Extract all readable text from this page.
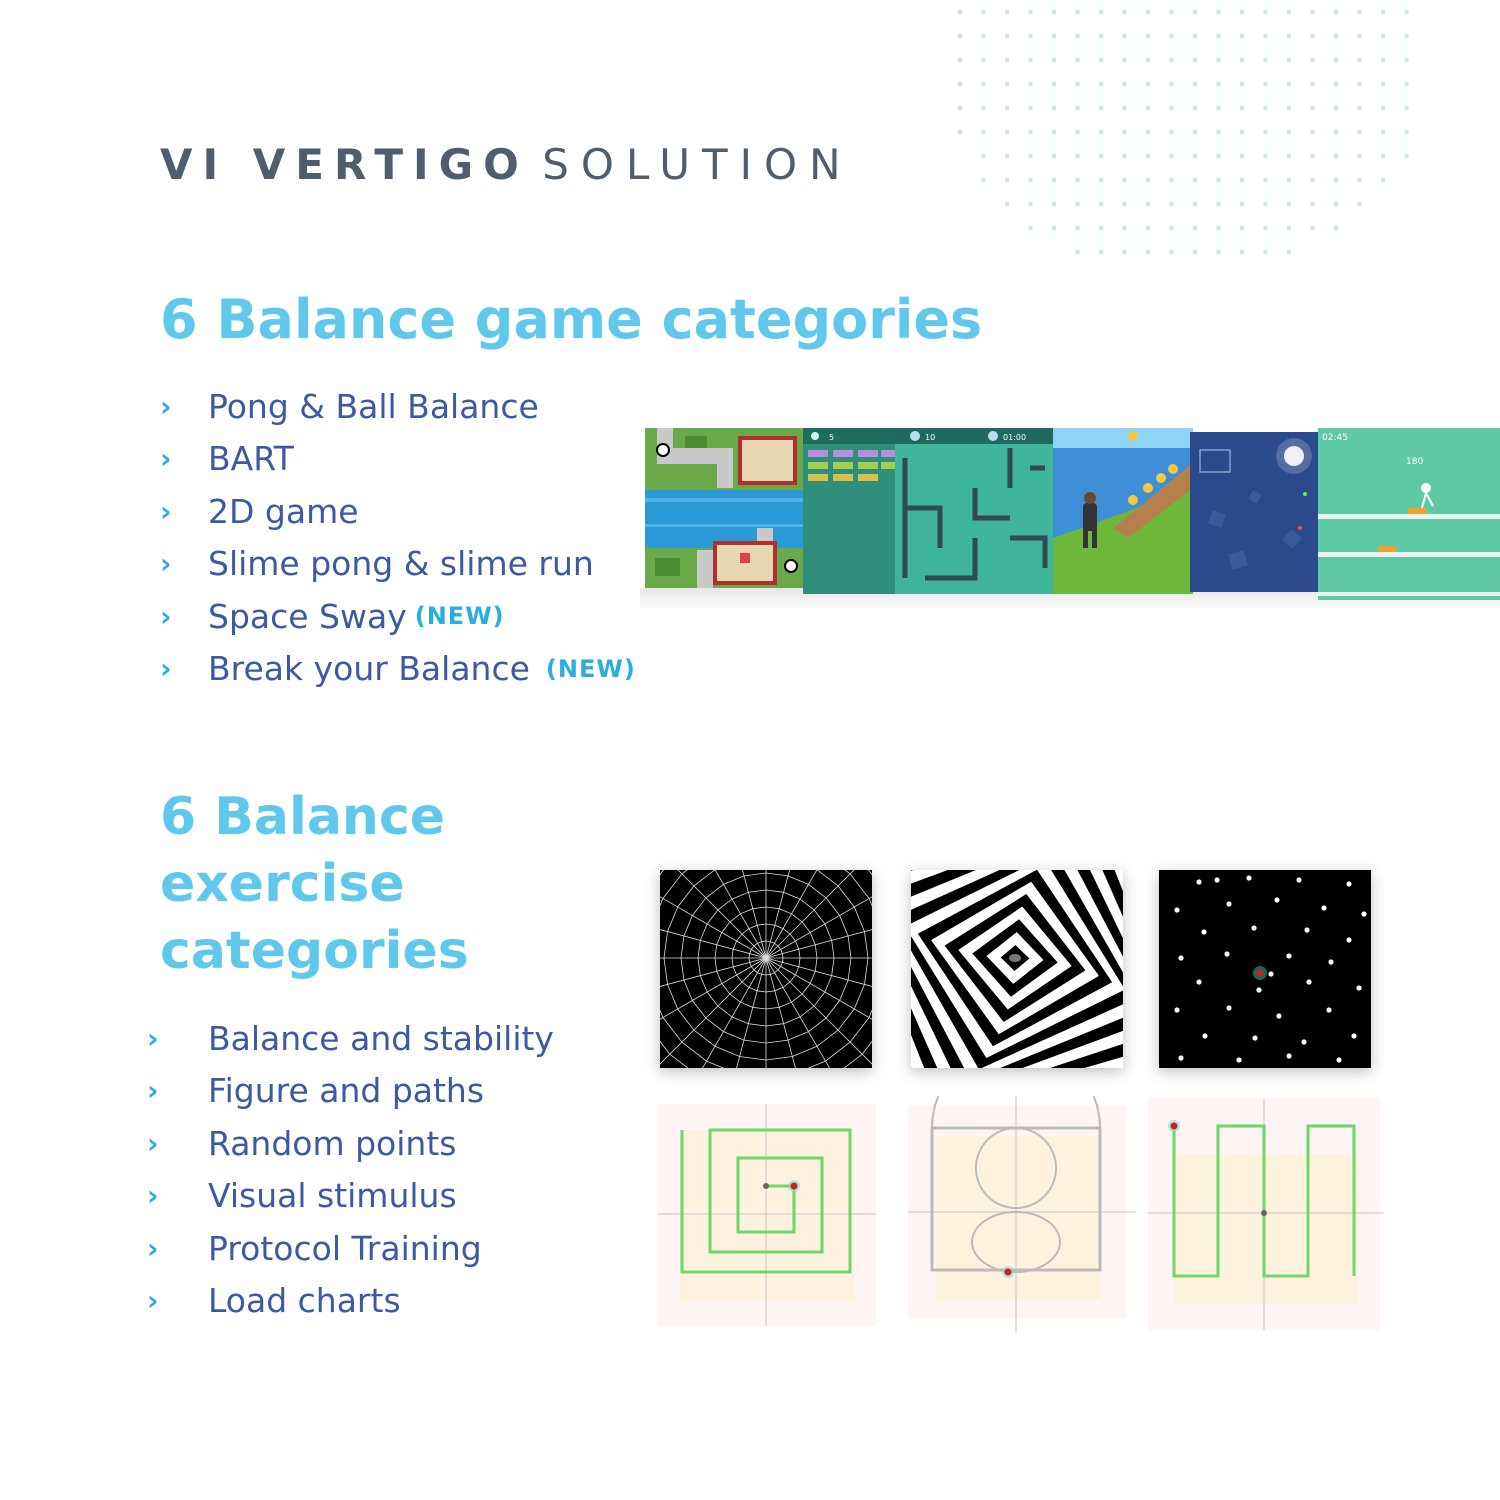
VI VERTIGO SOLUTION
6 Balance game categories
›	Pong & Ball Balance
›	BART
›	2D game
›	Slime pong & slime run
›	Space Sway (NEW)
›	Break your Balance (NEW)
5	10	01:00	02:45
180
6 Balance exercise categories
›	Balance and stability
›	Figure and paths
›	Random points
›	Visual stimulus
›	Protocol Training
›	Load charts
